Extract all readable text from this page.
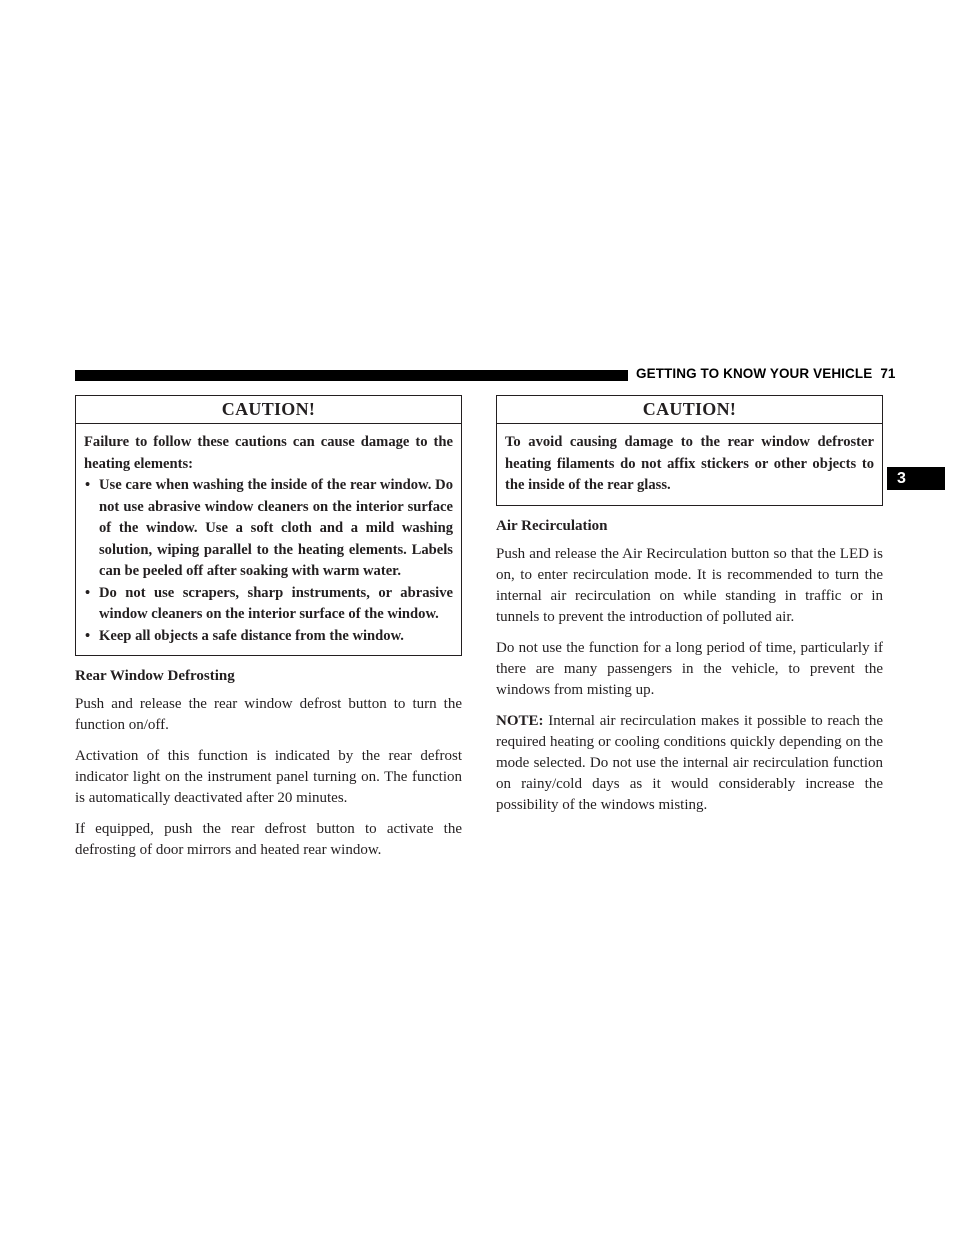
GETTING TO KNOW YOUR VEHICLE 71
3
CAUTION!

Failure to follow these cautions can cause damage to the heating elements:

• Use care when washing the inside of the rear window. Do not use abrasive window cleaners on the interior surface of the window. Use a soft cloth and a mild washing solution, wiping parallel to the heating elements. Labels can be peeled off after soaking with warm water.
• Do not use scrapers, sharp instruments, or abrasive window cleaners on the interior surface of the window.
• Keep all objects a safe distance from the window.
Rear Window Defrosting

Push and release the rear window defrost button to turn the function on/off.

Activation of this function is indicated by the rear defrost indicator light on the instrument panel turning on. The function is automatically deactivated after 20 minutes.

If equipped, push the rear defrost button to activate the defrosting of door mirrors and heated rear window.

CAUTION!

To avoid causing damage to the rear window defroster heating filaments do not affix stickers or other objects to the inside of the rear glass.

Air Recirculation

Push and release the Air Recirculation button so that the LED is on, to enter recirculation mode. It is recommended to turn the internal air recirculation on while standing in traffic or in tunnels to prevent the introduction of polluted air.

Do not use the function for a long period of time, particularly if there are many passengers in the vehicle, to prevent the windows from misting up.

NOTE: Internal air recirculation makes it possible to reach the required heating or cooling conditions quickly depending on the mode selected. Do not use the internal air recirculation function on rainy/cold days as it would considerably increase the possibility of the windows misting.
